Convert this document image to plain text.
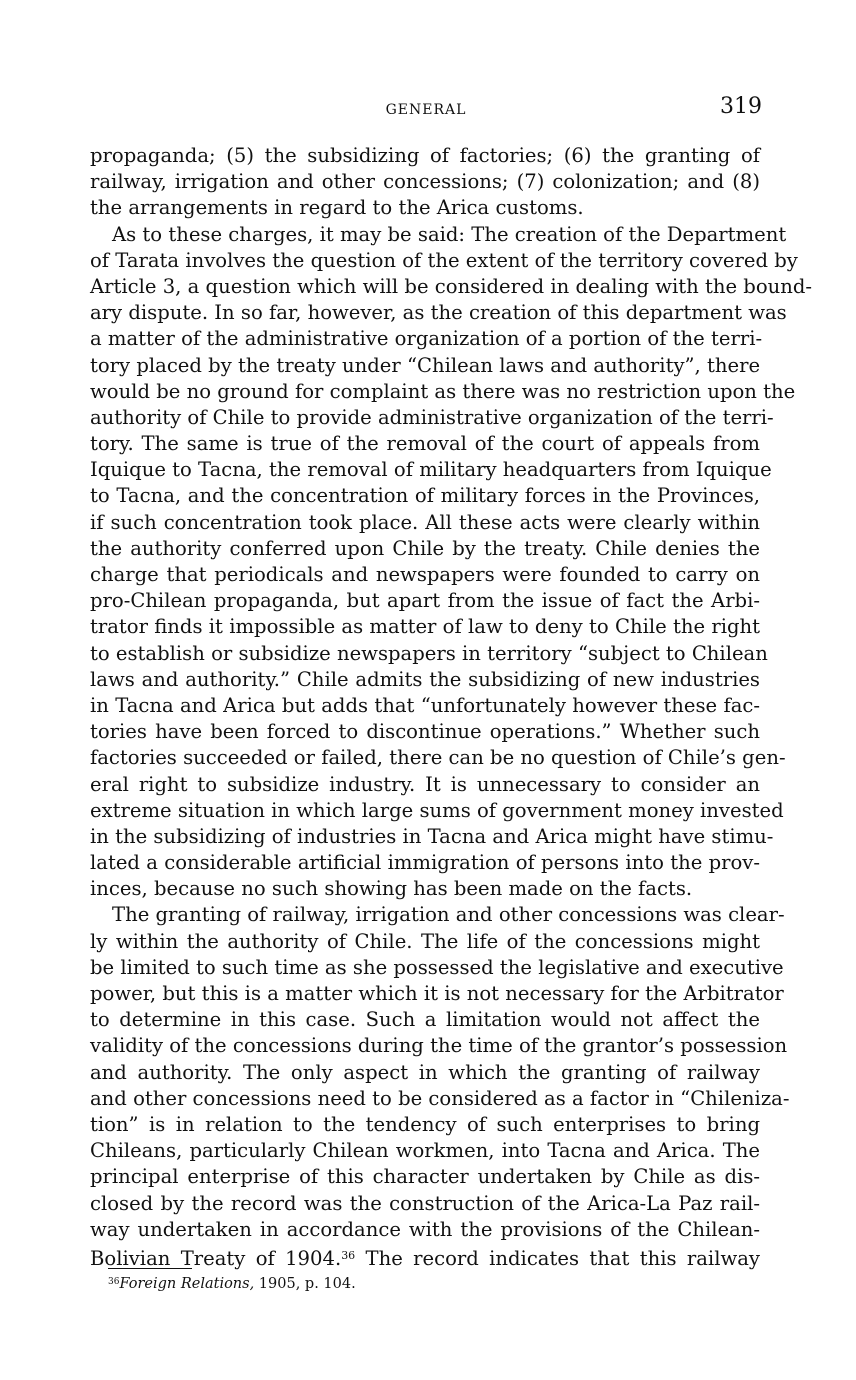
GENERAL	319
propaganda; (5) the subsidizing of factories; (6) the granting of
railway, irrigation and other concessions; (7) colonization; and (8)
the arrangements in regard to the Arica customs.
As to these charges, it may be said: The creation of the Department
of Tarata involves the question of the extent of the territory covered by
Article 3, a question which will be considered in dealing with the bound-
ary dispute. In so far, however, as the creation of this department was
a matter of the administrative organization of a portion of the terri-
tory placed by the treaty under “Chilean laws and authority”, there
would be no ground for complaint as there was no restriction upon the
authority of Chile to provide administrative organization of the terri-
tory. The same is true of the removal of the court of appeals from
Iquique to Tacna, the removal of military headquarters from Iquique
to Tacna, and the concentration of military forces in the Provinces,
if such concentration took place. All these acts were clearly within
the authority conferred upon Chile by the treaty. Chile denies the
charge that periodicals and newspapers were founded to carry on
pro-Chilean propaganda, but apart from the issue of fact the Arbi-
trator finds it impossible as matter of law to deny to Chile the right
to establish or subsidize newspapers in territory “subject to Chilean
laws and authority.” Chile admits the subsidizing of new industries
in Tacna and Arica but adds that “unfortunately however these fac-
tories have been forced to discontinue operations.” Whether such
factories succeeded or failed, there can be no question of Chile’s gen-
eral right to subsidize industry. It is unnecessary to consider an
extreme situation in which large sums of government money invested
in the subsidizing of industries in Tacna and Arica might have stimu-
lated a considerable artificial immigration of persons into the prov-
inces, because no such showing has been made on the facts.
The granting of railway, irrigation and other concessions was clear-
ly within the authority of Chile. The life of the concessions might
be limited to such time as she possessed the legislative and executive
power, but this is a matter which it is not necessary for the Arbitrator
to determine in this case. Such a limitation would not affect the
validity of the concessions during the time of the grantor’s possession
and authority. The only aspect in which the granting of railway
and other concessions need to be considered as a factor in “Chileniza-
tion” is in relation to the tendency of such enterprises to bring
Chileans, particularly Chilean workmen, into Tacna and Arica. The
principal enterprise of this character undertaken by Chile as dis-
closed by the record was the construction of the Arica-La Paz rail-
way undertaken in accordance with the provisions of the Chilean-
Bolivian Treaty of 1904.36 The record indicates that this railway
$^{36}$Foreign Relations, 1905, p. 104.
